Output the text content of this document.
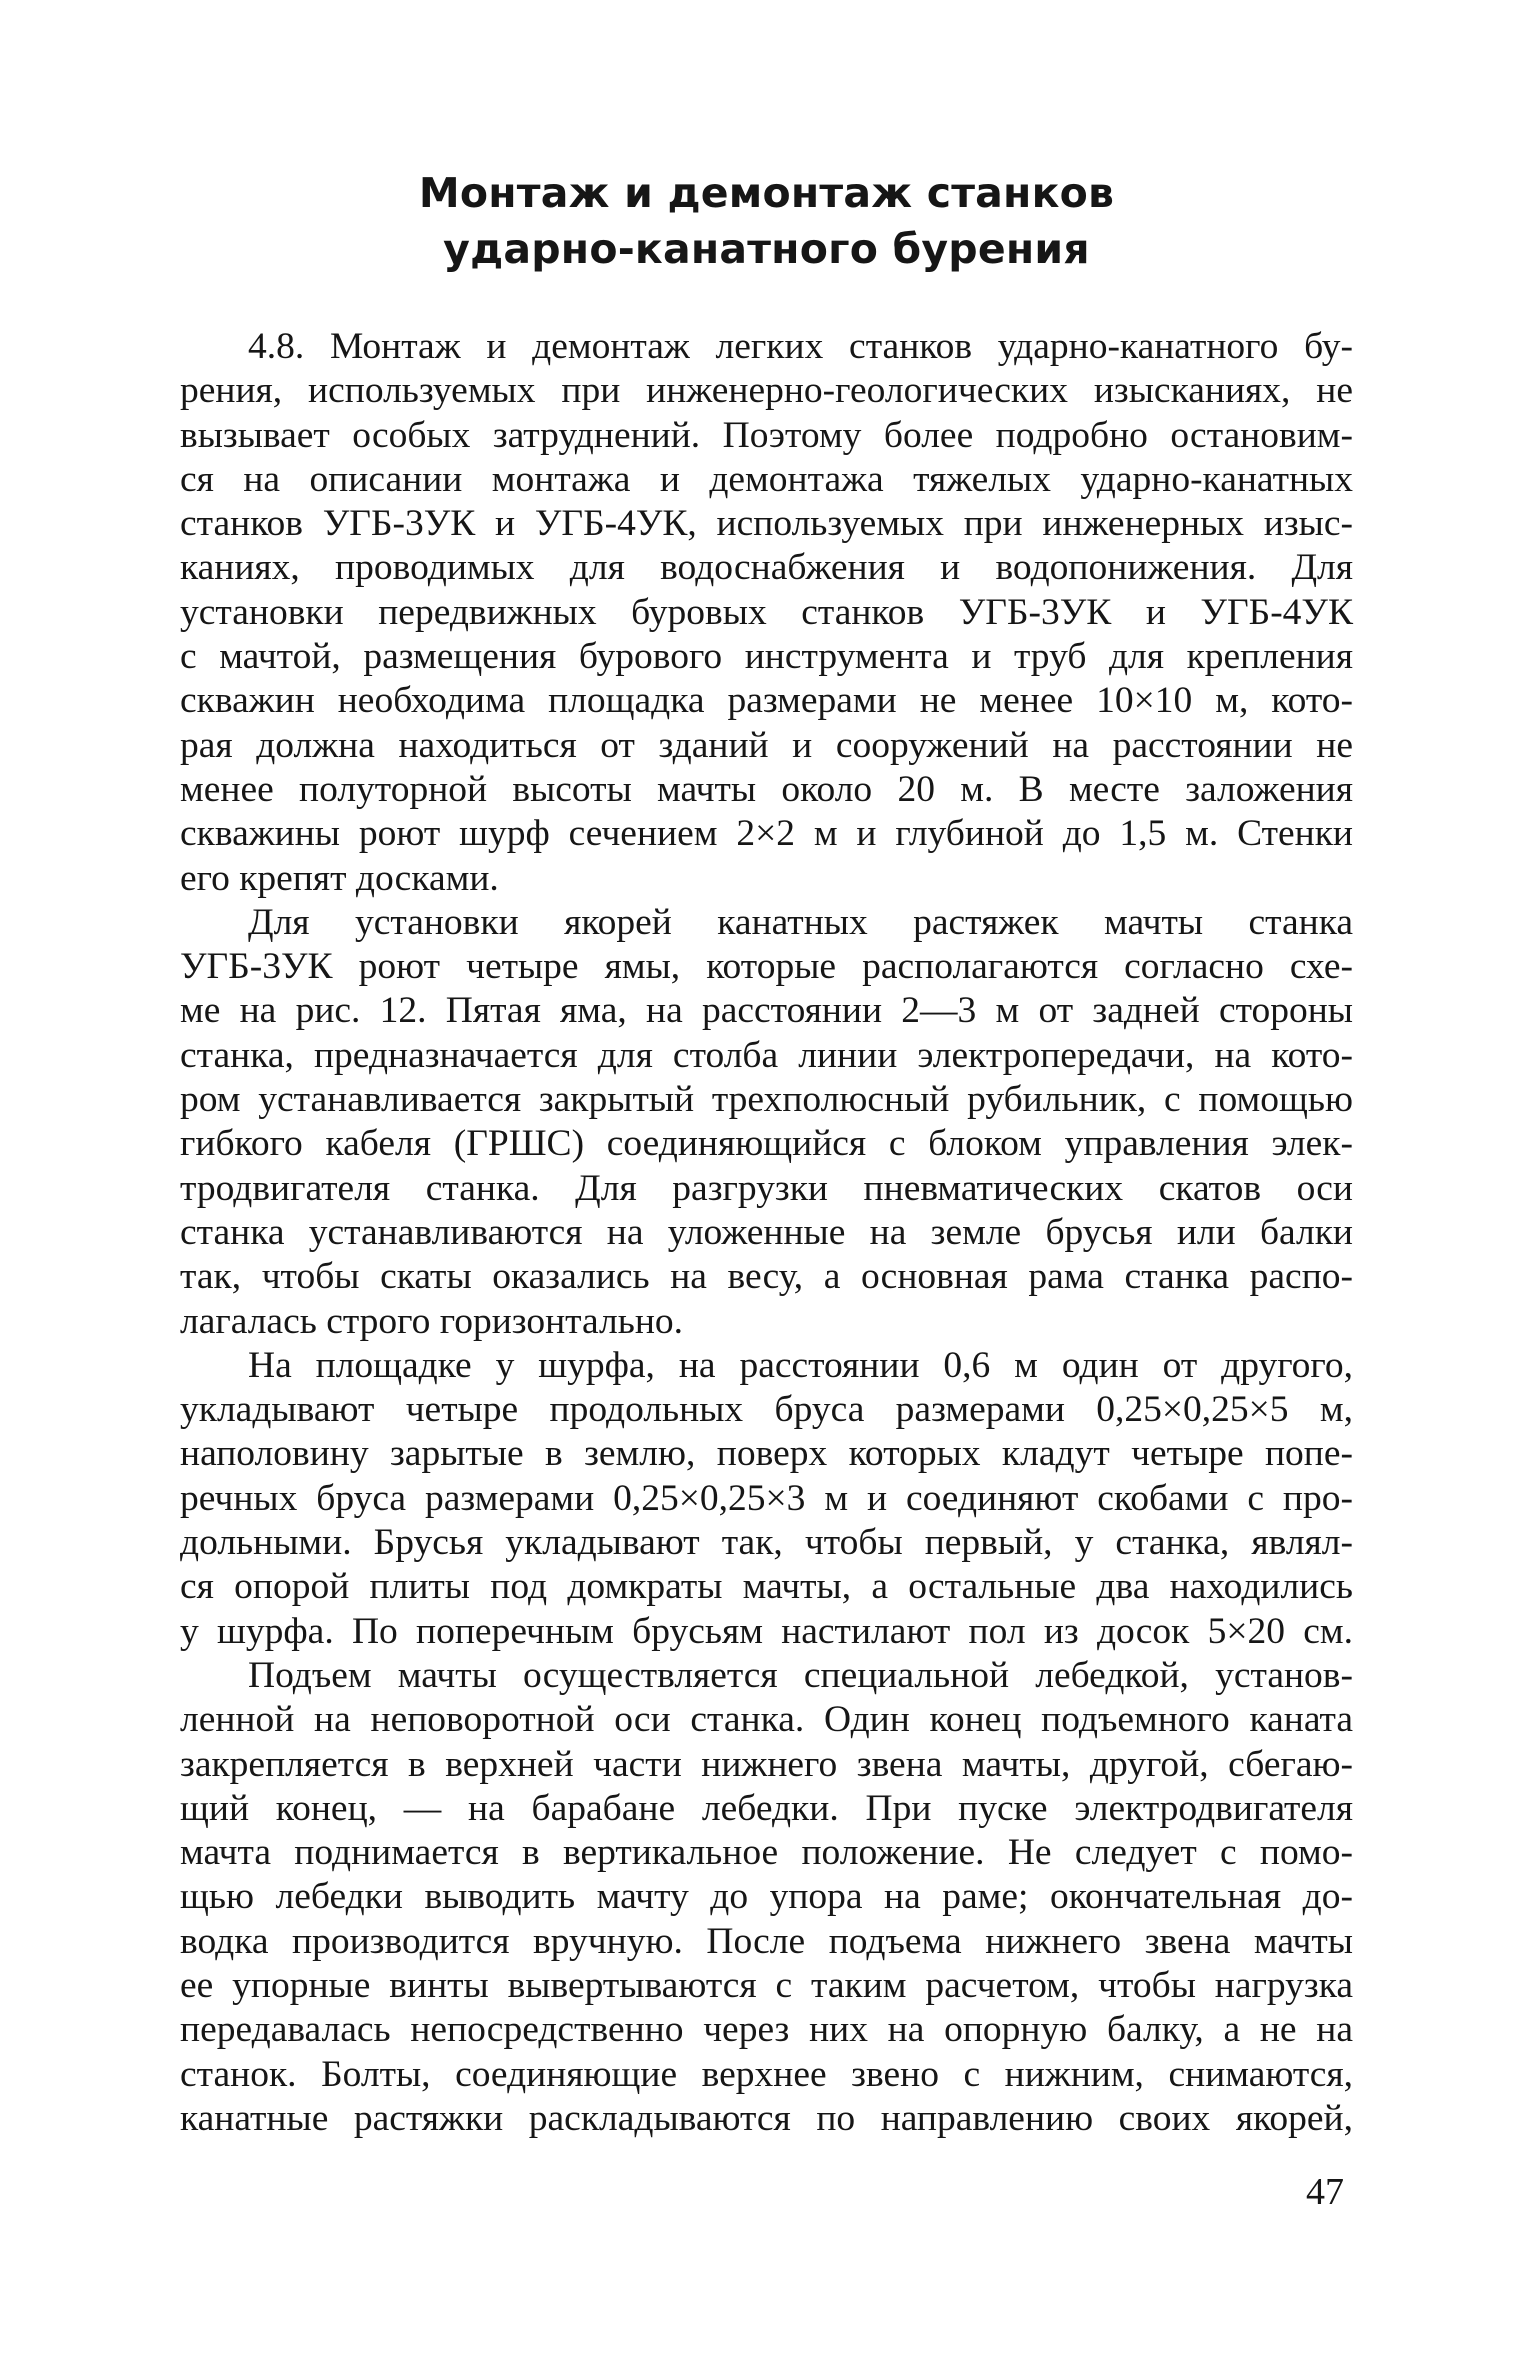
Монтаж и демонтаж станков
ударно-канатного бурения

4.8. Монтаж и демонтаж легких станков ударно-канатного бу-
рения, используемых при инженерно-геологических изысканиях, не
вызывает особых затруднений. Поэтому более подробно остановим-
ся на описании монтажа и демонтажа тяжелых ударно-канатных
станков УГБ-3УК и УГБ-4УК, используемых при инженерных изыс-
каниях, проводимых для водоснабжения и водопонижения. Для
установки передвижных буровых станков УГБ-3УК и УГБ-4УК
с мачтой, размещения бурового инструмента и труб для крепления
скважин необходима площадка размерами не менее 10×10 м, кото-
рая должна находиться от зданий и сооружений на расстоянии не
менее полуторной высоты мачты около 20 м. В месте заложения
скважины роют шурф сечением 2×2 м и глубиной до 1,5 м. Стенки
его крепят досками.

Для установки якорей канатных растяжек мачты станка
УГБ-3УК роют четыре ямы, которые располагаются согласно схе-
ме на рис. 12. Пятая яма, на расстоянии 2—3 м от задней стороны
станка, предназначается для столба линии электропередачи, на кото-
ром устанавливается закрытый трехполюсный рубильник, с помощью
гибкого кабеля (ГРШС) соединяющийся с блоком управления элек-
тродвигателя станка. Для разгрузки пневматических скатов оси
станка устанавливаются на уложенные на земле брусья или балки
так, чтобы скаты оказались на весу, а основная рама станка распо-
лагалась строго горизонтально.

На площадке у шурфа, на расстоянии 0,6 м один от другого,
укладывают четыре продольных бруса размерами 0,25×0,25×5 м,
наполовину зарытые в землю, поверх которых кладут четыре попе-
речных бруса размерами 0,25×0,25×3 м и соединяют скобами с про-
дольными. Брусья укладывают так, чтобы первый, у станка, являл-
ся опорой плиты под домкраты мачты, а остальные два находились
у шурфа. По поперечным брусьям настилают пол из досок 5×20 см.

Подъем мачты осуществляется специальной лебедкой, установ-
ленной на неповоротной оси станка. Один конец подъемного каната
закрепляется в верхней части нижнего звена мачты, другой, сбегаю-
щий конец, — на барабане лебедки. При пуске электродвигателя
мачта поднимается в вертикальное положение. Не следует с помо-
щью лебедки выводить мачту до упора на раме; окончательная до-
водка производится вручную. После подъема нижнего звена мачты
ее упорные винты вывертываются с таким расчетом, чтобы нагрузка
передавалась непосредственно через них на опорную балку, а не на
станок. Болты, соединяющие верхнее звено с нижним, снимаются,
канатные растяжки раскладываются по направлению своих якорей,

47
